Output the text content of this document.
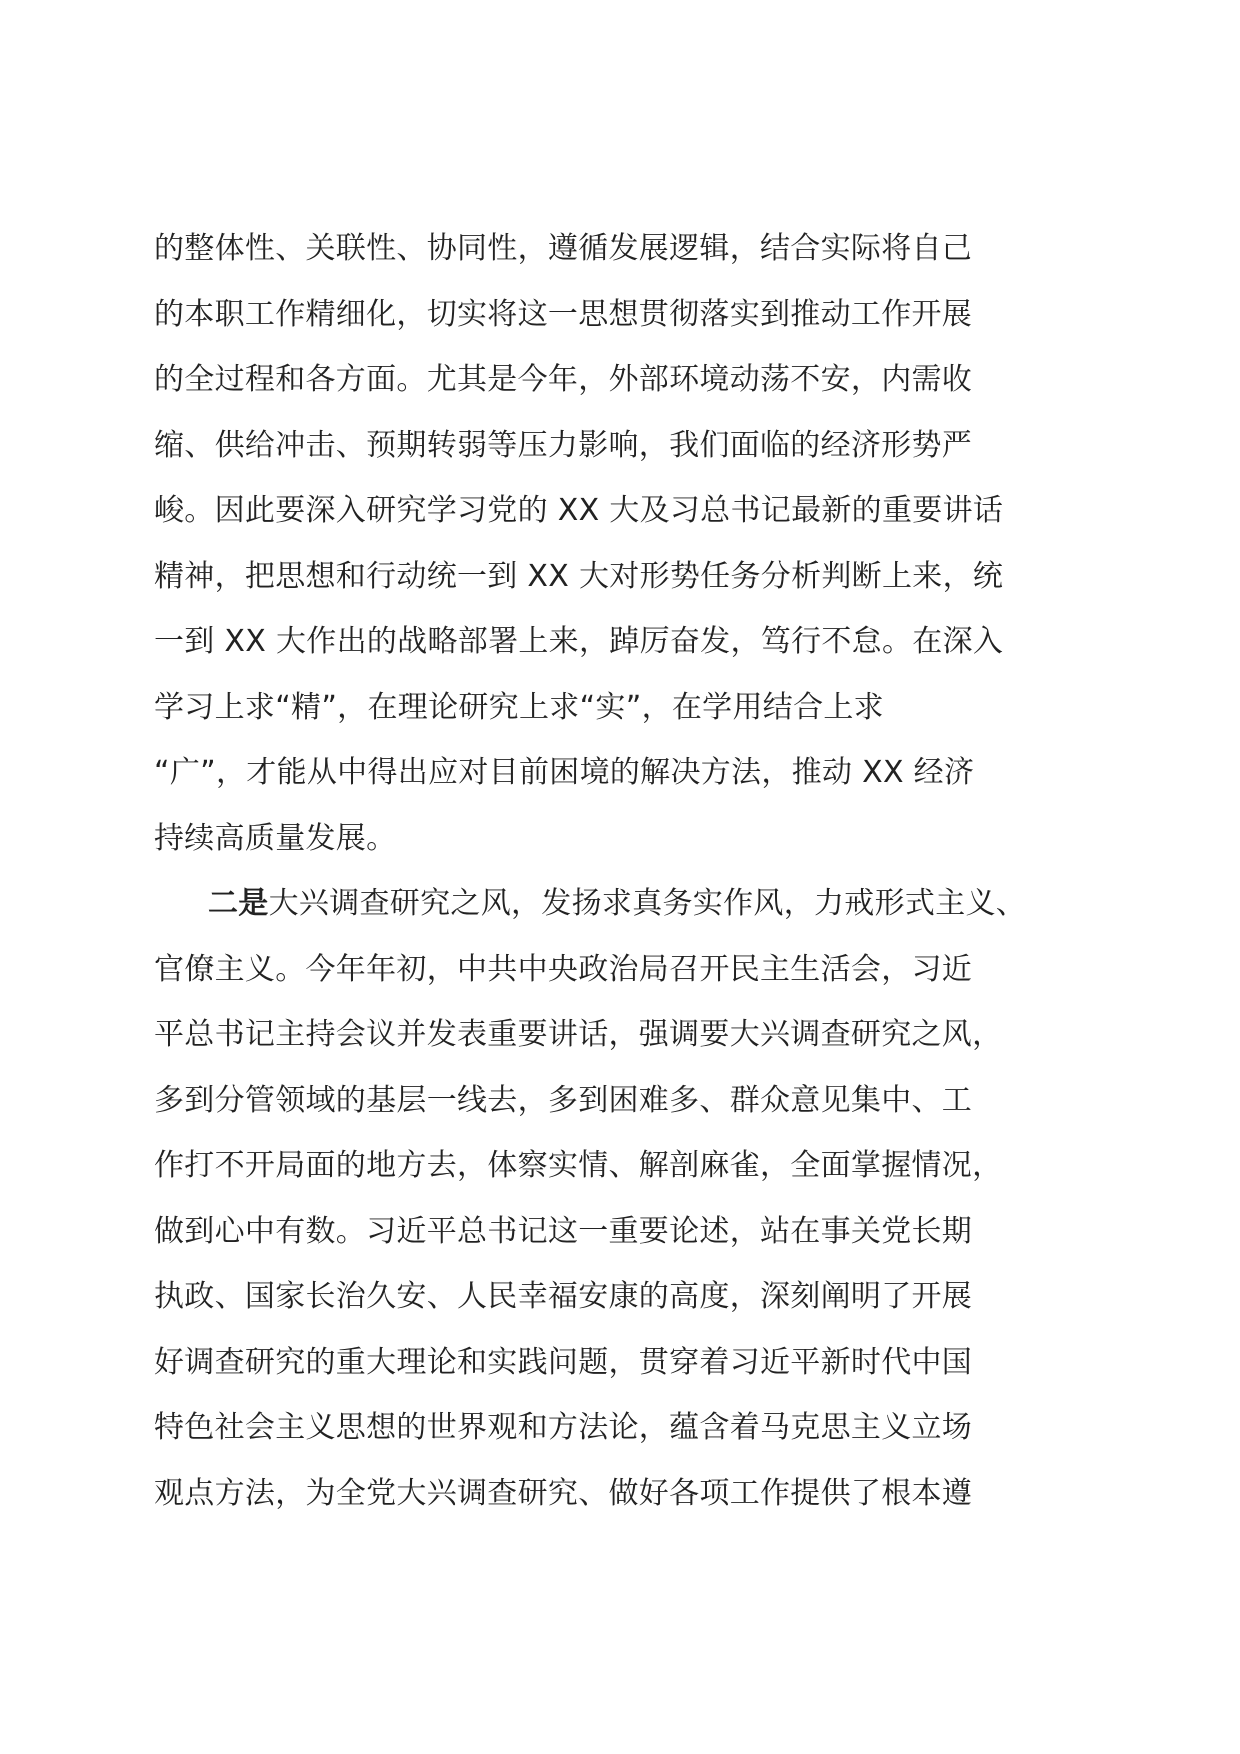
的整体性、关联性、协同性，遵循发展逻辑，结合实际将自己
的本职工作精细化，切实将这一思想贯彻落实到推动工作开展
的全过程和各方面。尤其是今年，外部环境动荡不安，内需收
缩、供给冲击、预期转弱等压力影响，我们面临的经济形势严
峻。因此要深入研究学习党的 XX 大及习总书记最新的重要讲话
精神，把思想和行动统一到 XX 大对形势任务分析判断上来，统
一到 XX 大作出的战略部署上来，踔厉奋发，笃行不怠。在深入
学习上求“精”，在理论研究上求“实”，在学用结合上求
“广”，才能从中得出应对目前困境的解决方法，推动 XX 经济
持续高质量发展。
二是大兴调查研究之风，发扬求真务实作风，力戒形式主义、
官僚主义。今年年初，中共中央政治局召开民主生活会，习近
平总书记主持会议并发表重要讲话，强调要大兴调查研究之风，
多到分管领域的基层一线去，多到困难多、群众意见集中、工
作打不开局面的地方去，体察实情、解剖麻雀，全面掌握情况，
做到心中有数。习近平总书记这一重要论述，站在事关党长期
执政、国家长治久安、人民幸福安康的高度，深刻阐明了开展
好调查研究的重大理论和实践问题，贯穿着习近平新时代中国
特色社会主义思想的世界观和方法论，蕴含着马克思主义立场
观点方法，为全党大兴调查研究、做好各项工作提供了根本遵
